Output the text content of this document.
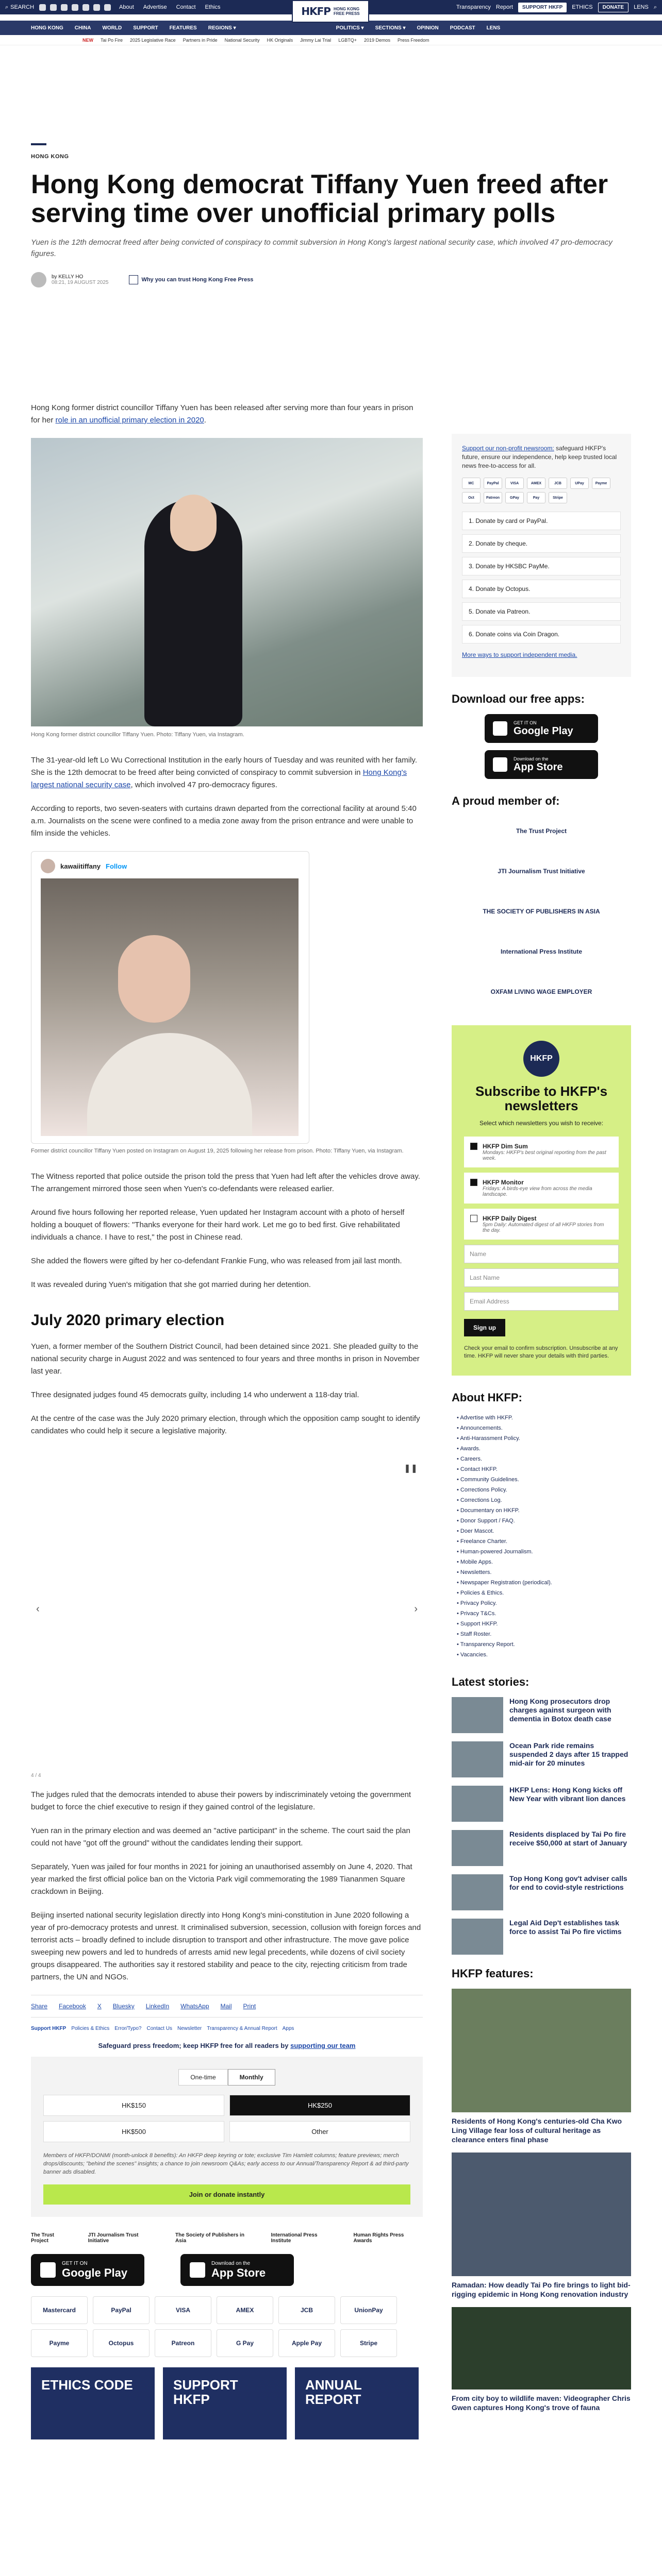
⌕ SEARCH	About Advertise Contact Ethics	Transparency Report	SUPPORT HKFP	ETHICS	DONATE	LENS ⌕
HKFP HONG KONG
FREE PRESS
HONG KONG CHINA WORLD SUPPORT FEATURES REGIONS ▾	POLITICS ▾ SECTIONS ▾ OPINION PODCAST LENS
NEW Tai Po Fire 2025 Legislative Race Partners in Pride National Security HK Originals Jimmy Lai Trial LGBTQ+ 2019 Demos Press Freedom
HONG KONG
Hong Kong democrat Tiffany Yuen freed after serving time over unofficial primary polls
Yuen is the 12th democrat freed after being convicted of conspiracy to commit subversion in Hong Kong's largest national security case, which involved 47 pro-democracy figures.
by KELLY HO
08:21, 19 AUGUST 2025	Why you can trust Hong Kong Free Press

Hong Kong former district councillor Tiffany Yuen has been released after serving more than four years in prison for her role in an unofficial primary election in 2020.

Hong Kong former district councillor Tiffany Yuen. Photo: Tiffany Yuen, via Instagram.

The 31-year-old left Lo Wu Correctional Institution in the early hours of Tuesday and was reunited with her family. She is the 12th democrat to be freed after being convicted of conspiracy to commit subversion in Hong Kong's largest national security case, which involved 47 pro-democracy figures.

According to reports, two seven-seaters with curtains drawn departed from the correctional facility at around 5:40 a.m. Journalists on the scene were confined to a media zone away from the prison entrance and were unable to film inside the vehicles.

kawaiitiffany Follow
Former district councillor Tiffany Yuen posted on Instagram on August 19, 2025 following her release from prison. Photo: Tiffany Yuen, via Instagram.

The Witness reported that police outside the prison told the press that Yuen had left after the vehicles drove away. The arrangement mirrored those seen when Yuen's co-defendants were released earlier.

Around five hours following her reported release, Yuen updated her Instagram account with a photo of herself holding a bouquet of flowers: "Thanks everyone for their hard work. Let me go to bed first. Give rehabilitated individuals a chance. I have to rest," the post in Chinese read.

She added the flowers were gifted by her co-defendant Frankie Fung, who was released from jail last month.

It was revealed during Yuen's mitigation that she got married during her detention.

July 2020 primary election

Yuen, a former member of the Southern District Council, had been detained since 2021. She pleaded guilty to the national security charge in August 2022 and was sentenced to four years and three months in prison in November last year.

Three designated judges found 45 democrats guilty, including 14 who underwent a 118-day trial.

At the centre of the case was the July 2020 primary election, through which the opposition camp sought to identify candidates who could help it secure a legislative majority.

❚❚
‹	›
4 / 4

The judges ruled that the democrats intended to abuse their powers by indiscriminately vetoing the government budget to force the chief executive to resign if they gained control of the legislature.

Yuen ran in the primary election and was deemed an "active participant" in the scheme. The court said the plan could not have "got off the ground" without the candidates lending their support.

Separately, Yuen was jailed for four months in 2021 for joining an unauthorised assembly on June 4, 2020. That year marked the first official police ban on the Victoria Park vigil commemorating the 1989 Tiananmen Square crackdown in Beijing.

Beijing inserted national security legislation directly into Hong Kong's mini-constitution in June 2020 following a year of pro-democracy protests and unrest. It criminalised subversion, secession, collusion with foreign forces and terrorist acts – broadly defined to include disruption to transport and other infrastructure. The move gave police sweeping new powers and led to hundreds of arrests amid new legal precedents, while dozens of civil society groups disappeared. The authorities say it restored stability and peace to the city, rejecting criticism from trade partners, the UN and NGOs.

Share Facebook X Bluesky LinkedIn WhatsApp Mail Print
Support HKFP Policies & Ethics Error/Typo? Contact Us Newsletter Transparency & Annual Report Apps
Safeguard press freedom; keep HKFP free for all readers by supporting our team
One-time	Monthly
HK$150	HK$250
HK$500	Other
Members of HKFP/DONMI (month-unlock 8 benefits): An HKFP deep keyring or tote; exclusive Tim Hamlett columns; feature previews; merch drops/discounts; "behind the scenes" insights; a chance to join newsroom Q&As; early access to our Annual/Transparency Report & ad third-party banner ads disabled.
Join or donate instantly
The Trust Project
JTI Journalism Trust Initiative
The Society of Publishers in Asia
International Press Institute
Human Rights Press Awards
GET IT ON
Google Play
Download on the
App Store
Mastercard	PayPal	VISA	AMEX	JCB	UnionPay
Payme	Octopus	Patreon	G Pay	Apple Pay	Stripe
ETHICS CODE	SUPPORT HKFP
ANNUAL REPORT

Support our non-profit newsroom: safeguard HKFP's future, ensure our independence, help keep trusted local news free-to-access for all.

MC	PayPal	VISA	AMEX	JCB	UPay	Payme
Oct	Patreon	GPay	Pay	Stripe
1. Donate by card or PayPal.
2. Donate by cheque.
3. Donate by HKSBC PayMe.
4. Donate by Octopus.
5. Donate via Patreon.
6. Donate coins via Coin Dragon.

More ways to support independent media.

Download our free apps:
GET IT ON
Google Play
Download on the
App Store
A proud member of:
The Trust Project
JTI Journalism Trust Initiative
THE SOCIETY OF PUBLISHERS IN ASIA
International Press Institute
OXFAM LIVING WAGE EMPLOYER
HKFP
Subscribe to HKFP's newsletters
Select which newsletters you wish to receive:
HKFP Dim Sum
Mondays: HKFP's best original reporting from the past week.
HKFP Monitor
Fridays: A birds-eye view from across the media landscape.
HKFP Daily Digest
5pm Daily: Automated digest of all HKFP stories from the day.
Name
Last Name
Email Address
Sign up
Check your email to confirm subscription. Unsubscribe at any time. HKFP will never share your details with third parties.
About HKFP:
• Advertise with HKFP.
• Announcements.
• Anti-Harassment Policy.
• Awards.
• Careers.
• Contact HKFP.
• Community Guidelines.
• Corrections Policy.
• Corrections Log.
• Documentary on HKFP.
• Donor Support / FAQ.
• Doer Mascot.
• Freelance Charter.
• Human-powered Journalism.
• Mobile Apps.
• Newsletters.
• Newspaper Registration (periodical).
• Policies & Ethics.
• Privacy Policy.
• Privacy T&Cs.
• Support HKFP.
• Staff Roster.
• Transparency Report.
• Vacancies.
Latest stories:
Hong Kong prosecutors drop charges against surgeon with dementia in Botox death case
Ocean Park ride remains suspended 2 days after 15 trapped mid-air for 20 minutes
HKFP Lens: Hong Kong kicks off New Year with vibrant lion dances
Residents displaced by Tai Po fire receive $50,000 at start of January
Top Hong Kong gov't adviser calls for end to covid-style restrictions
Legal Aid Dep't establishes task force to assist Tai Po fire victims
HKFP features:
Residents of Hong Kong's centuries-old Cha Kwo Ling Village fear loss of cultural heritage as clearance enters final phase
Ramadan: How deadly Tai Po fire brings to light bid-rigging epidemic in Hong Kong renovation industry
From city boy to wildlife maven: Videographer Chris Gwen captures Hong Kong's trove of fauna
